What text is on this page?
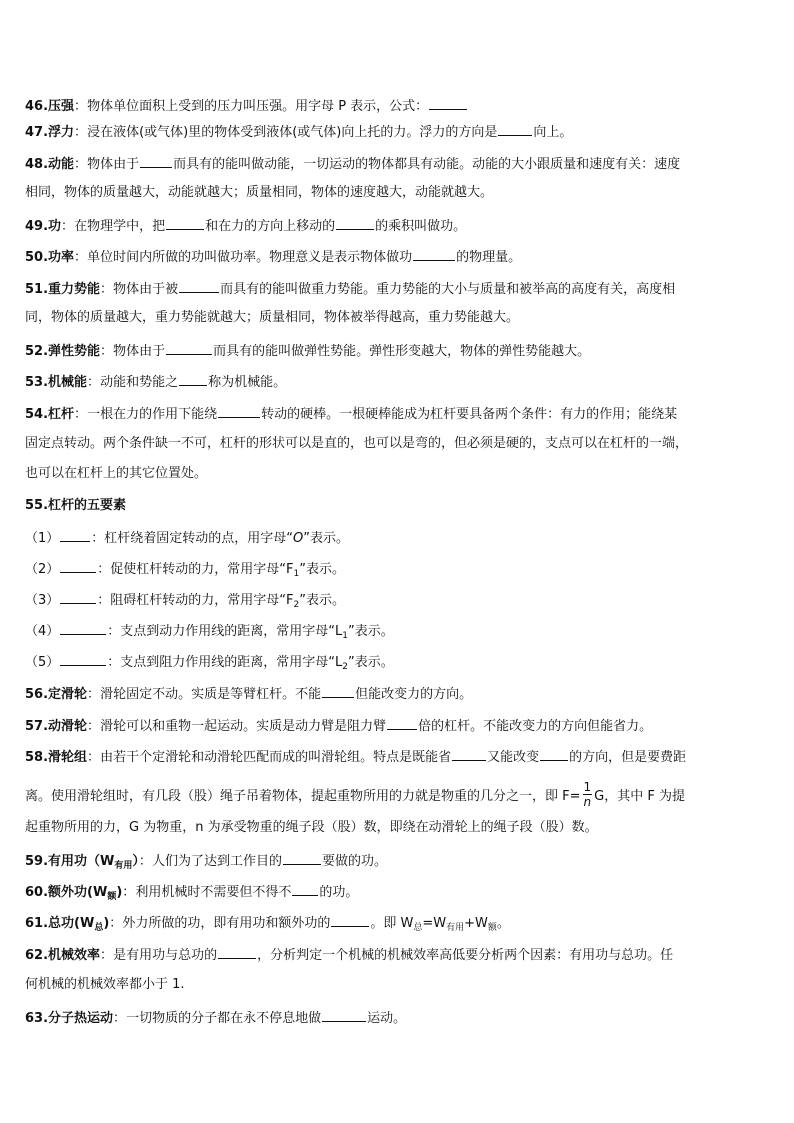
46.压强：物体单位面积上受到的压力叫压强。用字母 P 表示，公式：
47.浮力：浸在液体(或气体)里的物体受到液体(或气体)向上托的力。浮力的方向是	向上。
48.动能：物体由于	而具有的能叫做动能，一切运动的物体都具有动能。动能的大小跟质量和速度有关：速度
相同，物体的质量越大，动能就越大；质量相同，物体的速度越大，动能就越大。
49.功：在物理学中，把	和在力的方向上移动的	的乘积叫做功。
50.功率：单位时间内所做的功叫做功率。物理意义是表示物体做功	的物理量。
51.重力势能：物体由于被	而具有的能叫做重力势能。重力势能的大小与质量和被举高的高度有关，高度相
同，物体的质量越大，重力势能就越大；质量相同，物体被举得越高，重力势能越大。
52.弹性势能：物体由于	而具有的能叫做弹性势能。弹性形变越大，物体的弹性势能越大。
53.机械能：动能和势能之 称为机械能。
54.杠杆：一根在力的作用下能绕	转动的硬棒。一根硬棒能成为杠杆要具备两个条件：有力的作用；能绕某
固定点转动。两个条件缺一不可，杠杆的形状可以是直的，也可以是弯的，但必须是硬的，支点可以在杠杆的一端，
也可以在杠杆上的其它位置处。
55.杠杆的五要素
（1） ：杠杆绕着固定转动的点，用字母“O”表示。
（2）	：促使杠杆转动的力，常用字母“$F_1$”表示。
（3）	：阻碍杠杆转动的力，常用字母“$F_2$”表示。
（4）	：支点到动力作用线的距离，常用字母“$L_1$”表示。
（5）	：支点到阻力作用线的距离，常用字母“$L_2$”表示。
56.定滑轮：滑轮固定不动。实质是等臂杠杆。不能	但能改变力的方向。
57.动滑轮：滑轮可以和重物一起运动。实质是动力臂是阻力臂 倍的杠杆。不能改变力的方向但能省力。
58.滑轮组：由若干个定滑轮和动滑轮匹配而成的叫滑轮组。特点是既能省	又能改变 的方向，但是要费距
离。使用滑轮组时，有几段（股）绳子吊着物体，提起重物所用的力就是物重的几分之一，即 $F= \frac{1}{n}$ G，其中 F 为提
起重物所用的力，G 为物重，n 为承受物重的绳子段（股）数，即绕在动滑轮上的绳子段（股）数。
59.有用功$(W_{有用})$：人们为了达到工作目的	要做的功。
60.额外功$(W_额)$：利用机械时不需要但不得不 的功。
61.总功$(W_总)$：外力所做的功，即有用功和额外功的	。即 $W_总=W_{有用}+W_额$。
62.机械效率：是有用功与总功的	，分析判定一个机械的机械效率高低要分析两个因素：有用功与总功。任
何机械的机械效率都小于 1.
63.分子热运动：一切物质的分子都在永不停息地做	运动。
